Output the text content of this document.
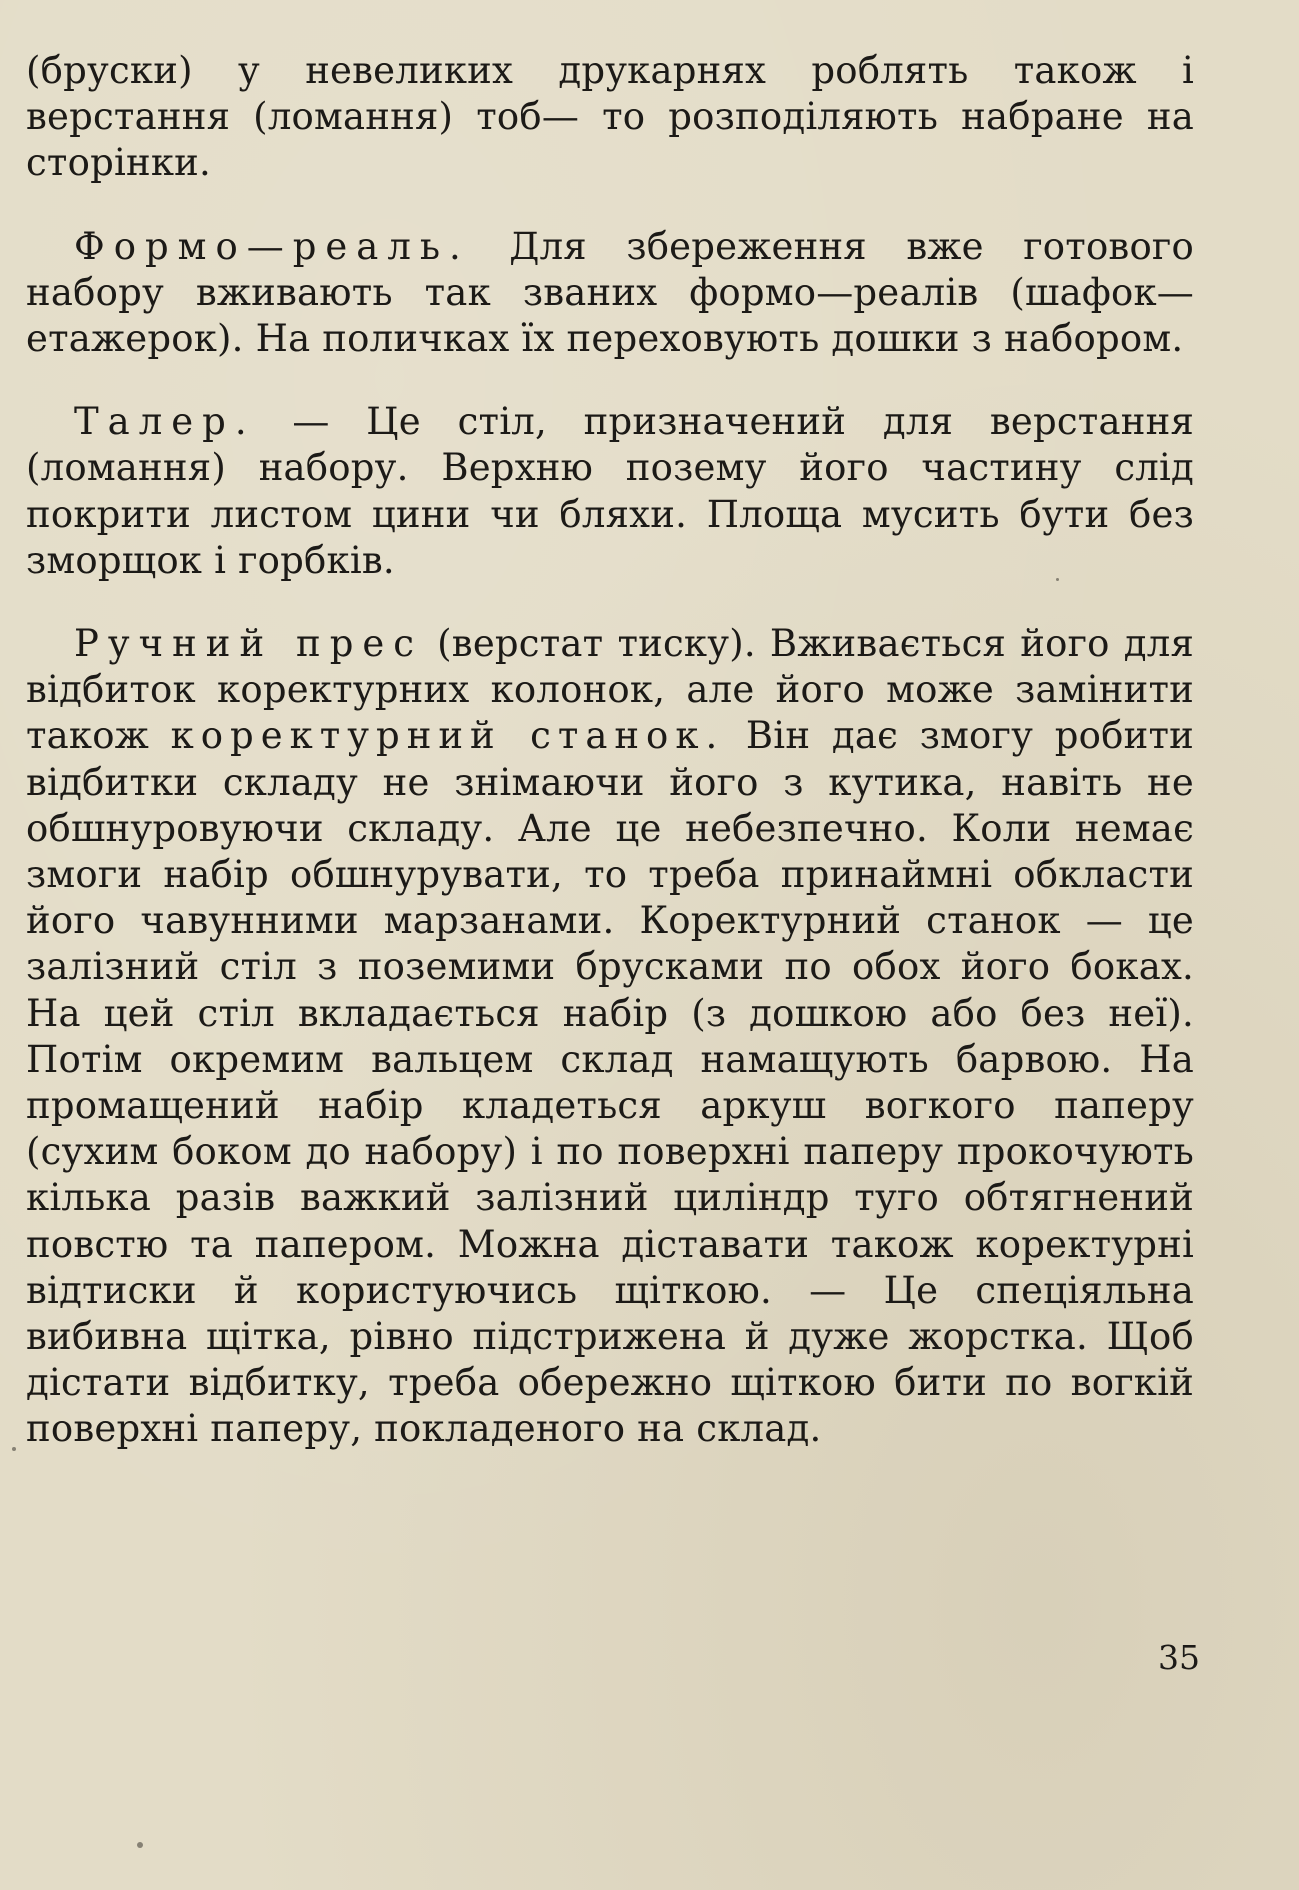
(бруски) у невеликих друкарнях роблять також і верстання (ломання) тоб— то розподіляють набране на сторінки.

Формо—реаль. Для збереження вже готового набору вживають так званих формо—реалів (шафок—етажерок). На поличках їх переховують дошки з набором.

Талер. — Це стіл, призначений для верстання (ломання) набору. Верхню позему його частину слід покрити листом цини чи бляхи. Площа мусить бути без зморщок і горбків.

Ручний прес (верстат тиску). Вживається його для відбиток коректурних колонок, але його може замінити також коректурний станок. Він дає змогу робити відбитки складу не знімаючи його з кутика, навіть не обшнуровуючи складу. Але це небезпечно. Коли немає змоги набір обшнурувати, то треба принаймні обкласти його чавунними марзанами. Коректурний станок — це залізний стіл з поземими брусками по обох його боках. На цей стіл вкладається набір (з дошкою або без неї). Потім окремим вальцем склад намащують барвою. На промащений набір кладеться аркуш вогкого паперу (сухим боком до набору) і по поверхні паперу прокочують кілька разів важкий залізний циліндр туго обтягнений повстю та папером. Можна діставати також коректурні відтиски й користуючись щіткою. — Це спеціяльна вибивна щітка, рівно підстрижена й дуже жорстка. Щоб дістати відбитку, треба обережно щіткою бити по вогкій поверхні паперу, покладеного на склад.

35
